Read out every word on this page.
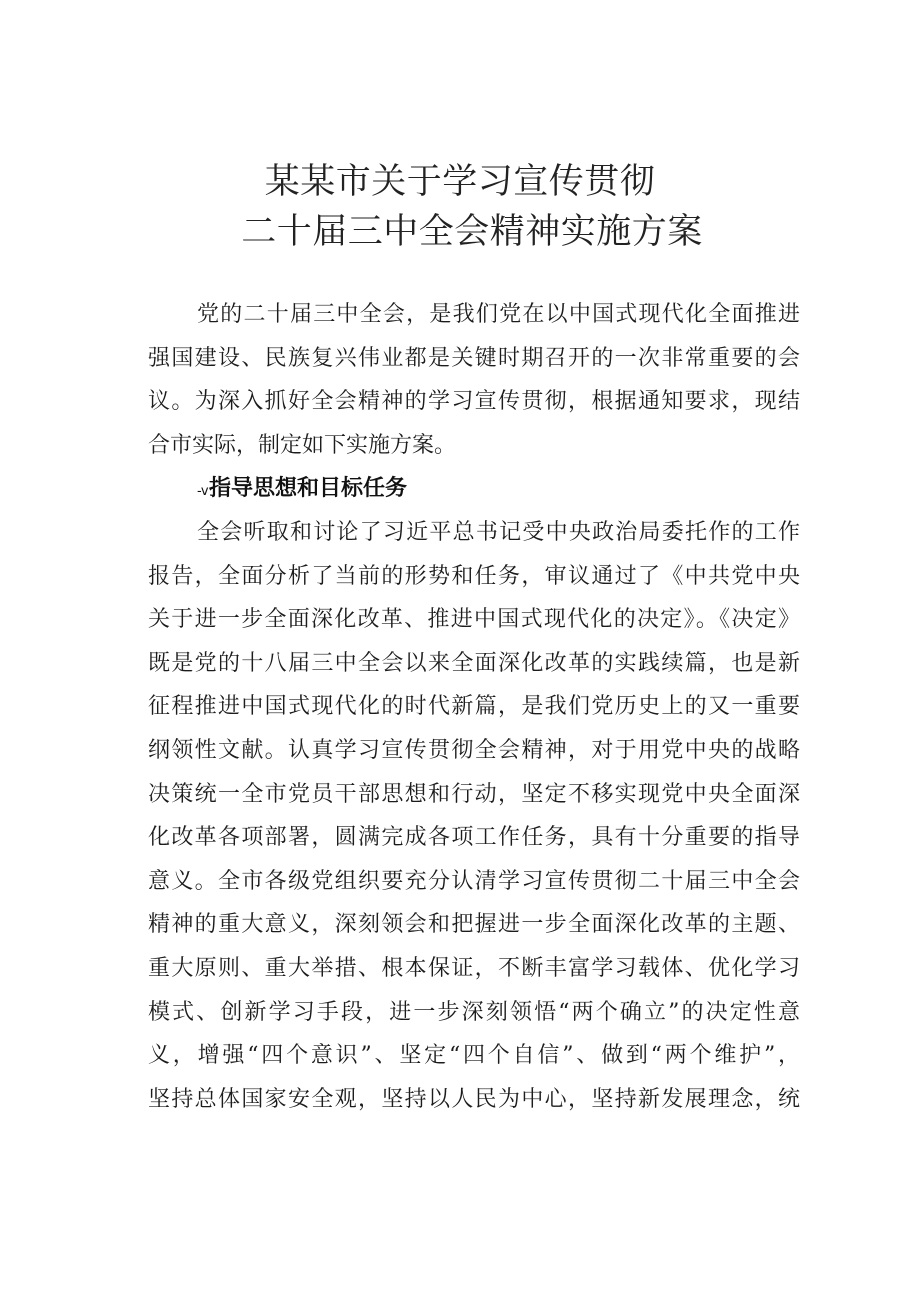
某某市关于学习宣传贯彻
二十届三中全会精神实施方案
党的二十届三中全会，是我们党在以中国式现代化全面推进
强国建设、民族复兴伟业都是关键时期召开的一次非常重要的会
议。为深入抓好全会精神的学习宣传贯彻，根据通知要求，现结
合市实际，制定如下实施方案。
-v指导思想和目标任务
全会听取和讨论了习近平总书记受中央政治局委托作的工作
报告，全面分析了当前的形势和任务，审议通过了《中共党中央
关于进一步全面深化改革、推进中国式现代化的决定》。《决定》
既是党的十八届三中全会以来全面深化改革的实践续篇，也是新
征程推进中国式现代化的时代新篇，是我们党历史上的又一重要
纲领性文献。认真学习宣传贯彻全会精神，对于用党中央的战略
决策统一全市党员干部思想和行动，坚定不移实现党中央全面深
化改革各项部署，圆满完成各项工作任务，具有十分重要的指导
意义。全市各级党组织要充分认清学习宣传贯彻二十届三中全会
精神的重大意义，深刻领会和把握进一步全面深化改革的主题、
重大原则、重大举措、根本保证，不断丰富学习载体、优化学习
模式、创新学习手段，进一步深刻领悟“两个确立”的决定性意
义，增强“四个意识”、坚定“四个自信”、做到“两个维护”，
坚持总体国家安全观，坚持以人民为中心，坚持新发展理念，统
